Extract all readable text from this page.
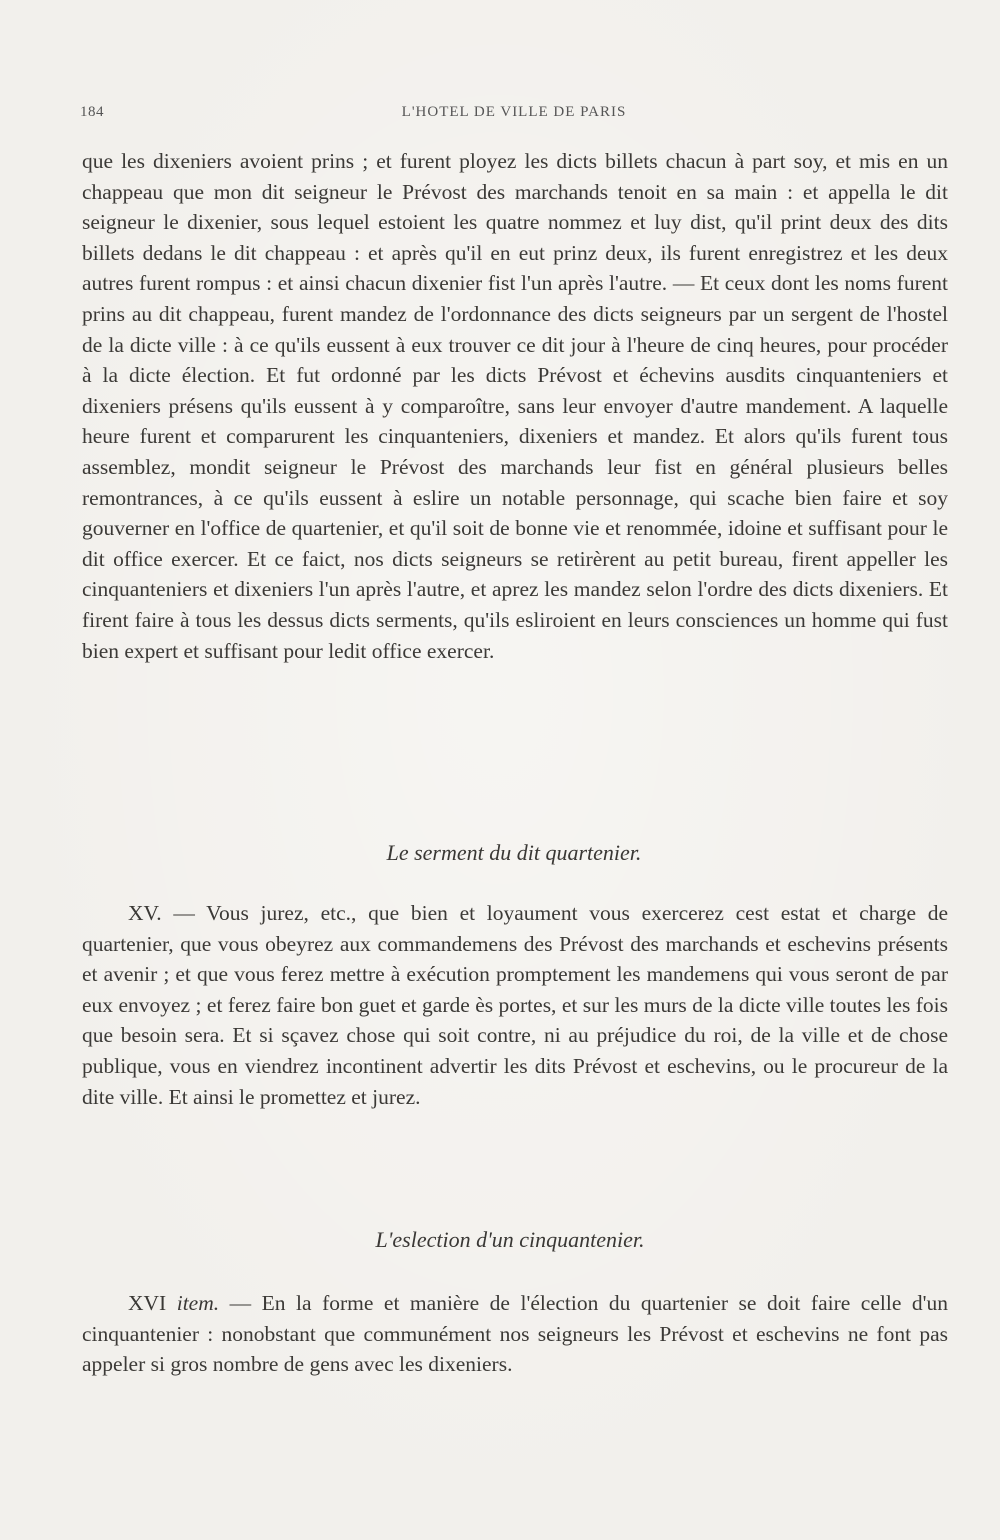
184	L'HOTEL DE VILLE DE PARIS

que les dixeniers avoient prins ; et furent ployez les dicts billets chacun à part soy, et mis en un chappeau que mon dit seigneur le Prévost des marchands tenoit en sa main : et appella le dit seigneur le dixenier, sous lequel estoient les quatre nommez et luy dist, qu'il print deux des dits billets dedans le dit chappeau : et après qu'il en eut prinz deux, ils furent enregistrez et les deux autres furent rompus : et ainsi chacun dixenier fist l'un après l'autre. — Et ceux dont les noms furent prins au dit chappeau, furent mandez de l'ordonnance des dicts seigneurs par un sergent de l'hostel de la dicte ville : à ce qu'ils eussent à eux trouver ce dit jour à l'heure de cinq heures, pour procéder à la dicte élection. Et fut ordonné par les dicts Prévost et échevins ausdits cinquanteniers et dixeniers présens qu'ils eussent à y comparoître, sans leur envoyer d'autre mandement. A laquelle heure furent et comparurent les cinquanteniers, dixeniers et mandez. Et alors qu'ils furent tous assemblez, mondit seigneur le Prévost des marchands leur fist en général plusieurs belles remontrances, à ce qu'ils eussent à eslire un notable personnage, qui scache bien faire et soy gouverner en l'office de quartenier, et qu'il soit de bonne vie et renommée, idoine et suffisant pour le dit office exercer. Et ce faict, nos dicts seigneurs se retirèrent au petit bureau, firent appeller les cinquanteniers et dixeniers l'un après l'autre, et aprez les mandez selon l'ordre des dicts dixeniers. Et firent faire à tous les dessus dicts serments, qu'ils esliroient en leurs consciences un homme qui fust bien expert et suffisant pour ledit office exercer.

Le serment du dit quartenier.

XV. — Vous jurez, etc., que bien et loyaument vous exercerez cest estat et charge de quartenier, que vous obeyrez aux commandemens des Prévost des marchands et eschevins présents et avenir ; et que vous ferez mettre à exécution promptement les mandemens qui vous seront de par eux envoyez ; et ferez faire bon guet et garde ès portes, et sur les murs de la dicte ville toutes les fois que besoin sera. Et si sçavez chose qui soit contre, ni au préjudice du roi, de la ville et de chose publique, vous en viendrez incontinent advertir les dits Prévost et eschevins, ou le procureur de la dite ville. Et ainsi le promettez et jurez.

L'eslection d'un cinquantenier.

XVI item. — En la forme et manière de l'élection du quartenier se doit faire celle d'un cinquantenier : nonobstant que communément nos seigneurs les Prévost et eschevins ne font pas appeler si gros nombre de gens avec les dixeniers.
